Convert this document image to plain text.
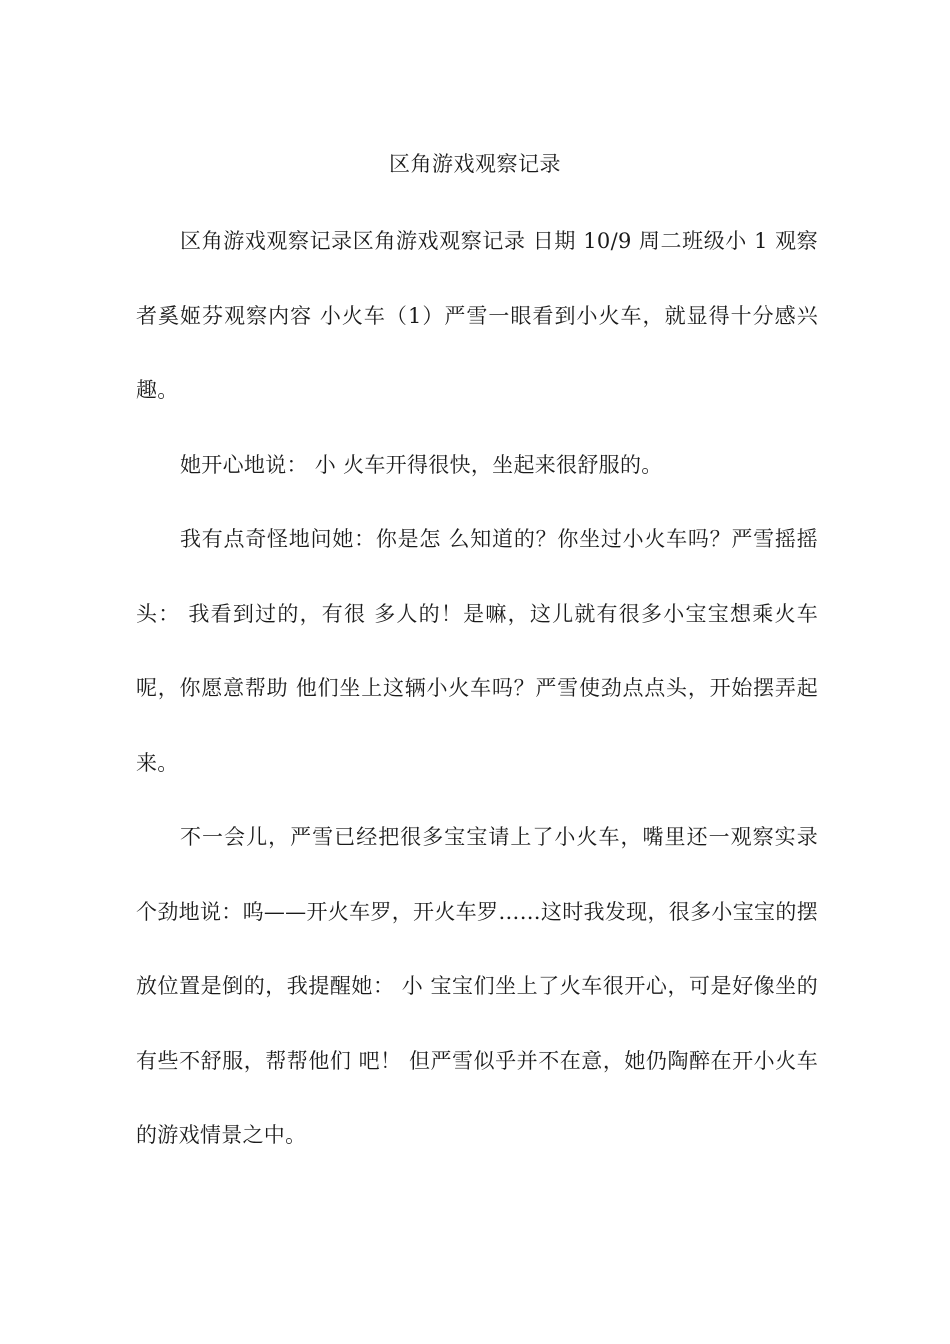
区角游戏观察记录

区角游戏观察记录区角游戏观察记录 日期 10/9 周二班级小 1 观察者奚姬芬观察内容 小火车（1）严雪一眼看到小火车，就显得十分感兴趣。

她开心地说： 小 火车开得很快，坐起来很舒服的。

我有点奇怪地问她：你是怎 么知道的？你坐过小火车吗？严雪摇摇头： 我看到过的，有很 多人的！是嘛，这儿就有很多小宝宝想乘火车呢，你愿意帮助 他们坐上这辆小火车吗？严雪使劲点点头，开始摆弄起来。

不一会儿，严雪已经把很多宝宝请上了小火车，嘴里还一观察实录 个劲地说：呜——开火车罗，开火车罗……这时我发现，很多小宝宝的摆放位置是倒的，我提醒她： 小 宝宝们坐上了火车很开心，可是好像坐的有些不舒服，帮帮他们 吧！ 但严雪似乎并不在意，她仍陶醉在开小火车的游戏情景之中。
